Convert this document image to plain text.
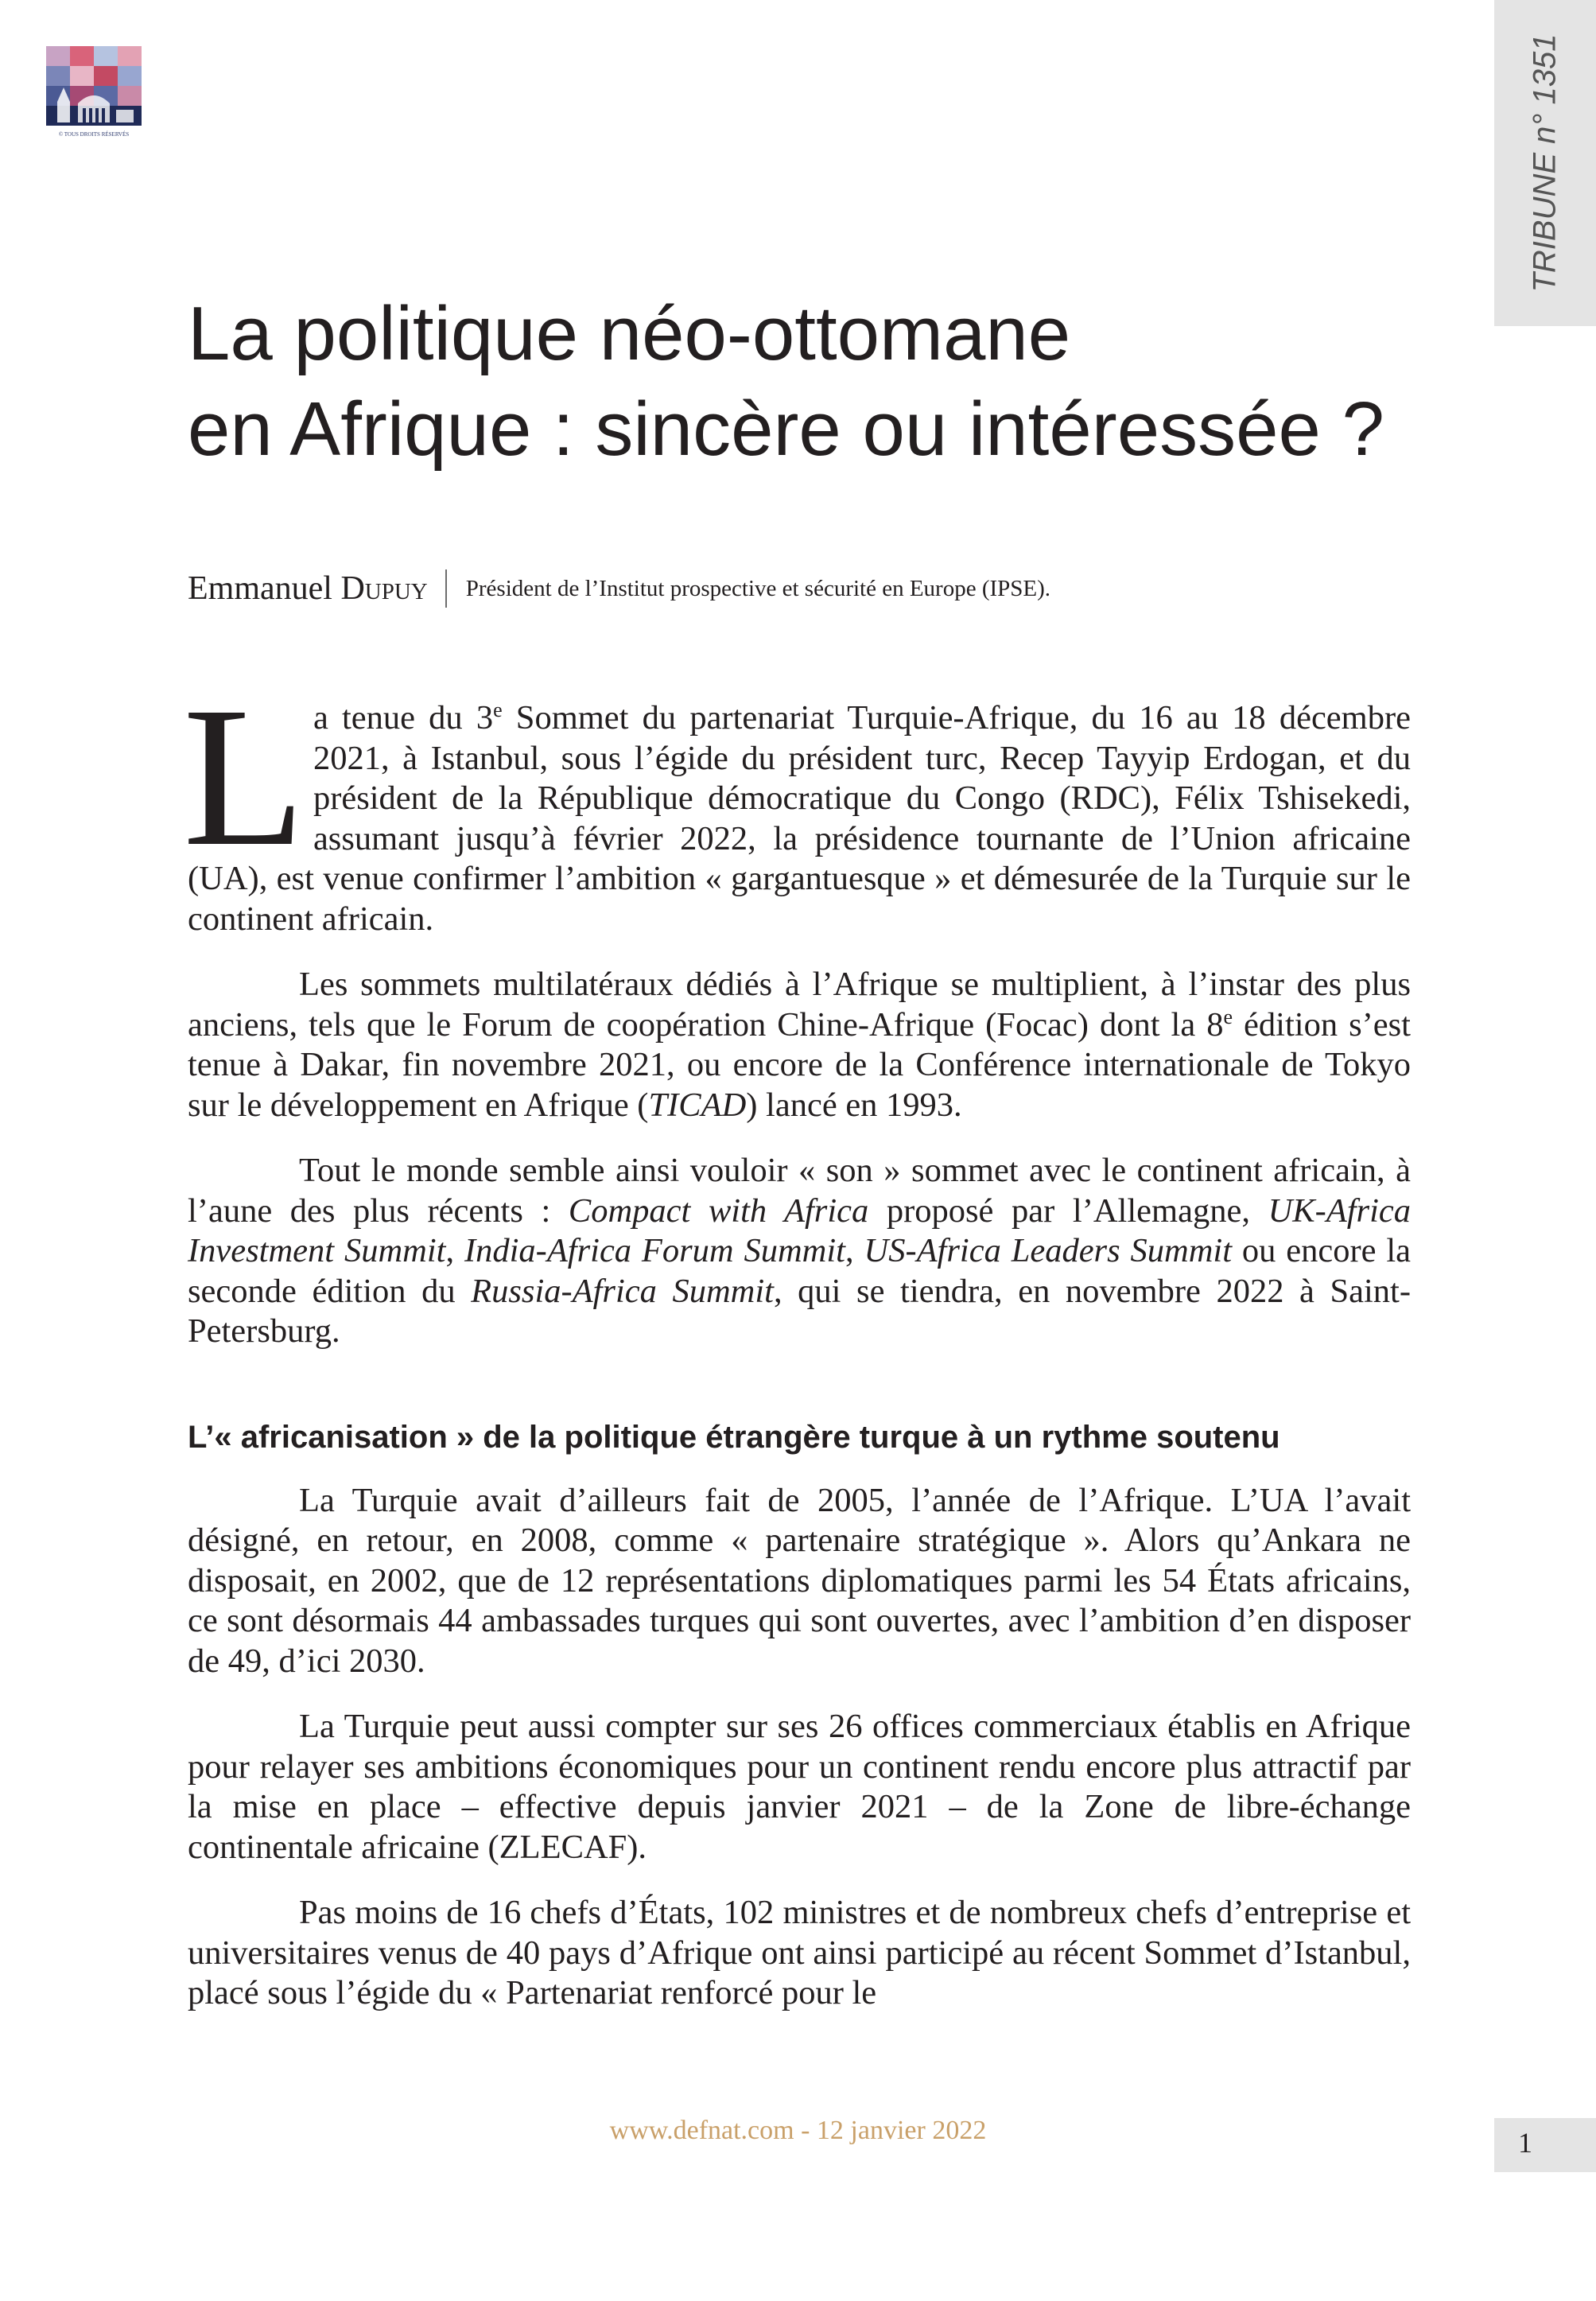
© TOUS DROITS RÉSERVÉS	TRIBUNE n° 1351
La politique néo-ottomane
en Afrique : sincère ou intéressée ?
Emmanuel Dupuy Président de l’Institut prospective et sécurité en Europe (IPSE).

La tenue du 3e Sommet du partenariat Turquie-Afrique, du 16 au 18 décembre 2021, à Istanbul, sous l’égide du président turc, Recep Tayyip Erdogan, et du président de la République démocratique du Congo (RDC), Félix Tshisekedi, assumant jusqu’à février 2022, la présidence tournante de l’Union africaine (UA), est venue confirmer l’ambition « gargantuesque » et démesurée de la Turquie sur le continent africain.

Les sommets multilatéraux dédiés à l’Afrique se multiplient, à l’instar des plus anciens, tels que le Forum de coopération Chine-Afrique (Focac) dont la 8e édition s’est tenue à Dakar, fin novembre 2021, ou encore de la Conférence internationale de Tokyo sur le développement en Afrique (TICAD) lancé en 1993.

Tout le monde semble ainsi vouloir « son » sommet avec le continent africain, à l’aune des plus récents : Compact with Africa proposé par l’Allemagne, UK-Africa Investment Summit, India-Africa Forum Summit, US-Africa Leaders Summit ou encore la seconde édition du Russia-Africa Summit, qui se tiendra, en novembre 2022 à Saint-Petersburg.

L’« africanisation » de la politique étrangère turque à un rythme soutenu

La Turquie avait d’ailleurs fait de 2005, l’année de l’Afrique. L’UA l’avait désigné, en retour, en 2008, comme « partenaire stratégique ». Alors qu’Ankara ne disposait, en 2002, que de 12 représentations diplomatiques parmi les 54 États africains, ce sont désormais 44 ambassades turques qui sont ouvertes, avec l’ambition d’en disposer de 49, d’ici 2030.

La Turquie peut aussi compter sur ses 26 offices commerciaux établis en Afrique pour relayer ses ambitions économiques pour un continent rendu encore plus attractif par la mise en place – effective depuis janvier 2021 – de la Zone de libre-échange continentale africaine (ZLECAF).

Pas moins de 16 chefs d’États, 102 ministres et de nombreux chefs d’entreprise et universitaires venus de 40 pays d’Afrique ont ainsi participé au récent Sommet d’Istanbul, placé sous l’égide du « Partenariat renforcé pour le

www.defnat.com - 12 janvier 2022	1
